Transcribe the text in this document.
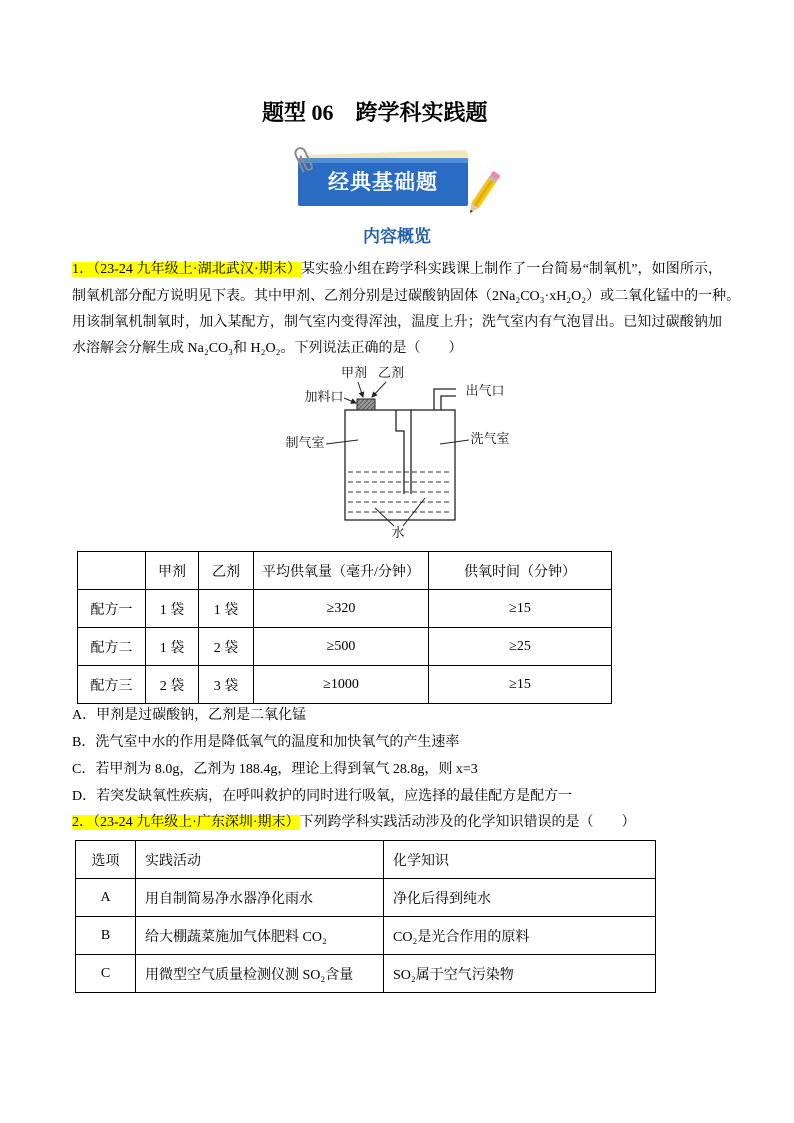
题型 06　跨学科实践题
经典基础题
内容概览
1．（23-24 九年级上·湖北武汉·期末）某实验小组在跨学科实践课上制作了一台简易“制氧机”，如图所示，
制氧机部分配方说明见下表。其中甲剂、乙剂分别是过碳酸钠固体（2Na₂CO₃·xH₂O₂）或二氧化锰中的一种。
用该制氧机制氧时，加入某配方，制气室内变得浑浊，温度上升；洗气室内有气泡冒出。已知过碳酸钠加
水溶解会分解生成 Na₂CO₃和 H₂O₂。下列说法正确的是（　　）
甲剂 乙剂
加料口	出气口
制气室	洗气室
水
	甲剂	乙剂	平均供氧量（毫升/分钟）	供氧时间（分钟）
配方一	1 袋	1 袋	≥320	≥15
配方二	1 袋	2 袋	≥500	≥25
配方三	2 袋	3 袋	≥1000	≥15
A．甲剂是过碳酸钠，乙剂是二氧化锰
B．洗气室中水的作用是降低氧气的温度和加快氧气的产生速率
C．若甲剂为 8.0g，乙剂为 188.4g，理论上得到氧气 28.8g，则 x=3
D．若突发缺氧性疾病，在呼叫救护的同时进行吸氧，应选择的最佳配方是配方一
2．（23-24 九年级上·广东深圳·期末）下列跨学科实践活动涉及的化学知识错误的是（　　）
选项	实践活动	化学知识
A	用自制简易净水器净化雨水	净化后得到纯水
B	给大棚蔬菜施加气体肥料 CO₂	CO₂是光合作用的原料
C	用微型空气质量检测仪测 SO₂含量	SO₂属于空气污染物
